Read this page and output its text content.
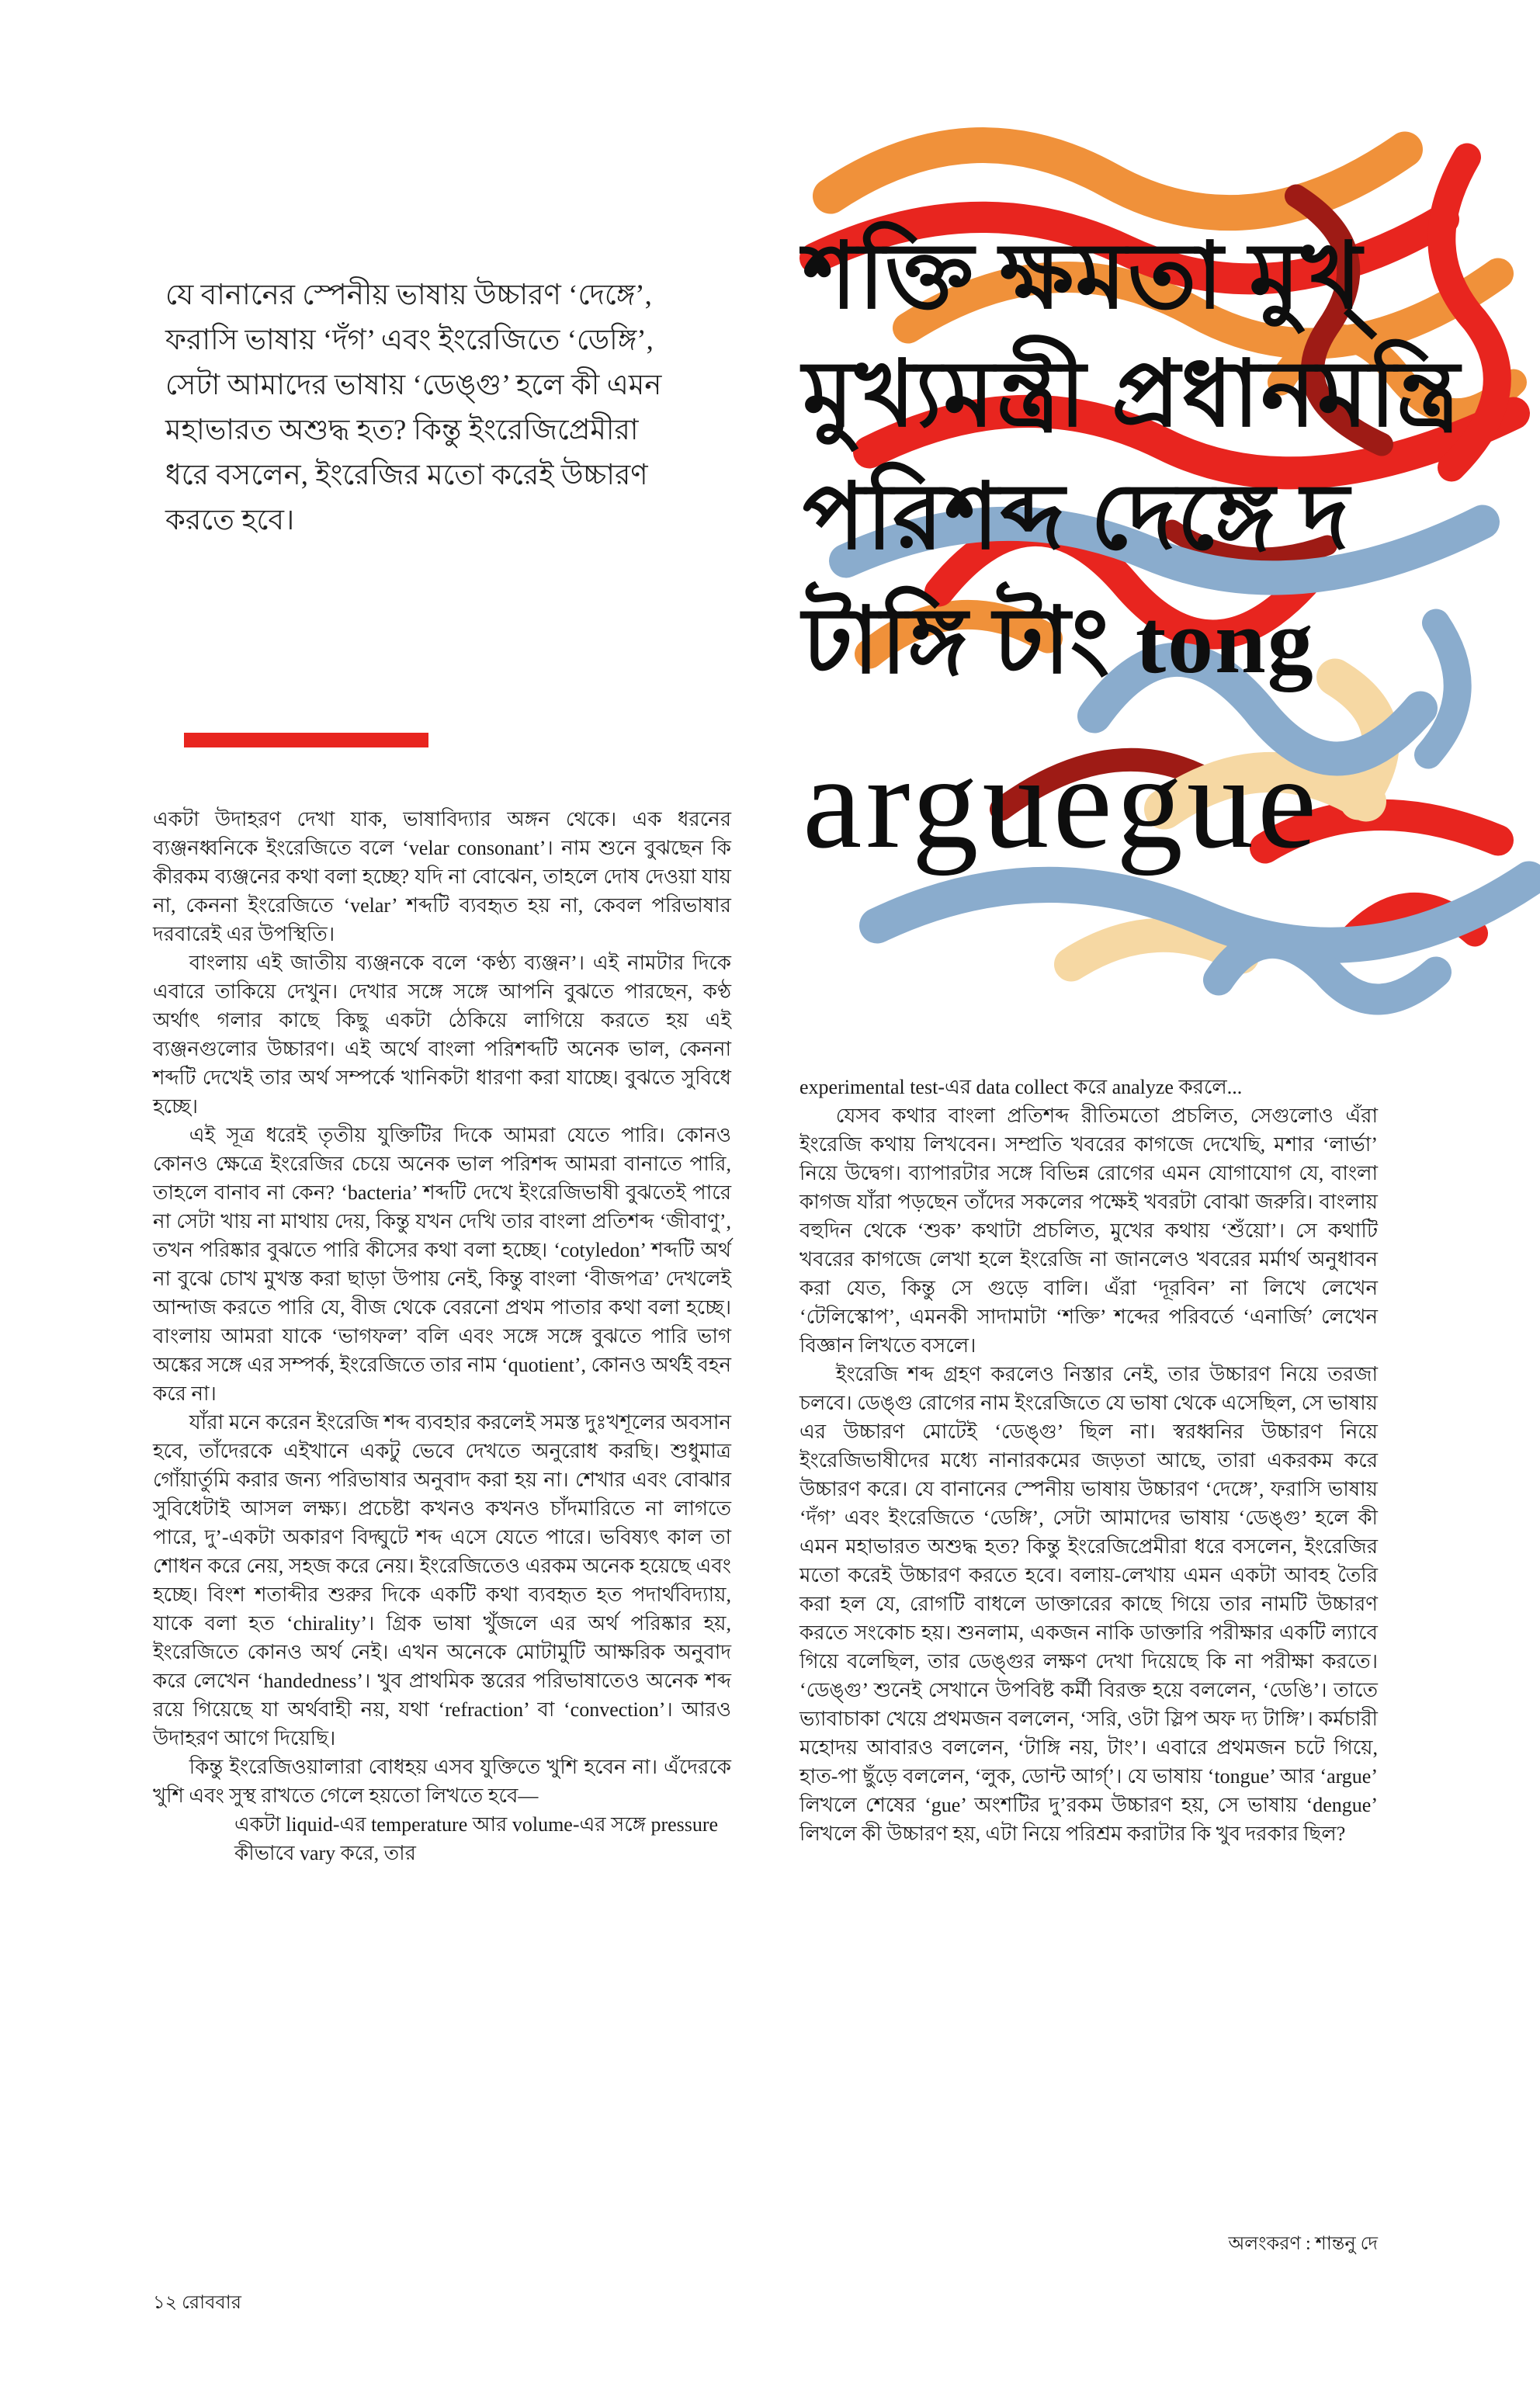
যে বানানের স্পেনীয় ভাষায় উচ্চারণ ‘দেঙ্গে’, ফরাসি ভাষায় ‘দঁগ’ এবং ইংরেজিতে ‘ডেঙ্গি’, সেটা আমাদের ভাষায় ‘ডেঙ্গু’ হলে কী এমন মহাভারত অশুদ্ধ হত? কিন্তু ইংরেজিপ্রেমীরা ধরে বসলেন, ইংরেজির মতো করেই উচ্চারণ করতে হবে।
শক্তি ক্ষমতা মুখ্
মুখ্যমন্ত্রী প্রধানমন্ত্রি
পরিশব্দ দেঙ্গে দ
টাঙ্গি টাং tong
arguegue

একটা উদাহরণ দেখা যাক, ভাষাবিদ্যার অঙ্গন থেকে। এক ধরনের ব্যঞ্জনধ্বনিকে ইংরেজিতে বলে ‘velar consonant’। নাম শুনে বুঝছেন কি কীরকম ব্যঞ্জনের কথা বলা হচ্ছে? যদি না বোঝেন, তাহলে দোষ দেওয়া যায় না, কেননা ইংরেজিতে ‘velar’ শব্দটি ব্যবহৃত হয় না, কেবল পরিভাষার দরবারেই এর উপস্থিতি।

বাংলায় এই জাতীয় ব্যঞ্জনকে বলে ‘কণ্ঠ্য ব্যঞ্জন’। এই নামটার দিকে এবারে তাকিয়ে দেখুন। দেখার সঙ্গে সঙ্গে আপনি বুঝতে পারছেন, কণ্ঠ অর্থাৎ গলার কাছে কিছু একটা ঠেকিয়ে লাগিয়ে করতে হয় এই ব্যঞ্জনগুলোর উচ্চারণ। এই অর্থে বাংলা পরিশব্দটি অনেক ভাল, কেননা শব্দটি দেখেই তার অর্থ সম্পর্কে খানিকটা ধারণা করা যাচ্ছে। বুঝতে সুবিধে হচ্ছে।

এই সূত্র ধরেই তৃতীয় যুক্তিটির দিকে আমরা যেতে পারি। কোনও কোনও ক্ষেত্রে ইংরেজির চেয়ে অনেক ভাল পরিশব্দ আমরা বানাতে পারি, তাহলে বানাব না কেন? ‘bacteria’ শব্দটি দেখে ইংরেজিভাষী বুঝতেই পারে না সেটা খায় না মাথায় দেয়, কিন্তু যখন দেখি তার বাংলা প্রতিশব্দ ‘জীবাণু’, তখন পরিষ্কার বুঝতে পারি কীসের কথা বলা হচ্ছে। ‘cotyledon’ শব্দটি অর্থ না বুঝে চোখ মুখস্ত করা ছাড়া উপায় নেই, কিন্তু বাংলা ‘বীজপত্র’ দেখলেই আন্দাজ করতে পারি যে, বীজ থেকে বেরনো প্রথম পাতার কথা বলা হচ্ছে। বাংলায় আমরা যাকে ‘ভাগফল’ বলি এবং সঙ্গে সঙ্গে বুঝতে পারি ভাগ অঙ্কের সঙ্গে এর সম্পর্ক, ইংরেজিতে তার নাম ‘quotient’, কোনও অর্থই বহন করে না।

যাঁরা মনে করেন ইংরেজি শব্দ ব্যবহার করলেই সমস্ত দুঃখশূলের অবসান হবে, তাঁদেরকে এইখানে একটু ভেবে দেখতে অনুরোধ করছি। শুধুমাত্র গোঁয়ার্তুমি করার জন্য পরিভাষার অনুবাদ করা হয় না। শেখার এবং বোঝার সুবিধেটাই আসল লক্ষ্য। প্রচেষ্টা কখনও কখনও চাঁদমারিতে না লাগতে পারে, দু’-একটা অকারণ বিদ্ঘুটে শব্দ এসে যেতে পারে। ভবিষ্যৎ কাল তা শোধন করে নেয়, সহজ করে নেয়। ইংরেজিতেও এরকম অনেক হয়েছে এবং হচ্ছে। বিংশ শতাব্দীর শুরুর দিকে একটি কথা ব্যবহৃত হত পদার্থবিদ্যায়, যাকে বলা হত ‘chirality’। গ্রিক ভাষা খুঁজলে এর অর্থ পরিষ্কার হয়, ইংরেজিতে কোনও অর্থ নেই। এখন অনেকে মোটামুটি আক্ষরিক অনুবাদ করে লেখেন ‘handedness’। খুব প্রাথমিক স্তরের পরিভাষাতেও অনেক শব্দ রয়ে গিয়েছে যা অর্থবাহী নয়, যথা ‘refraction’ বা ‘convection’। আরও উদাহরণ আগে দিয়েছি।

কিন্তু ইংরেজিওয়ালারা বোধহয় এসব যুক্তিতে খুশি হবেন না। এঁদেরকে খুশি এবং সুস্থ রাখতে গেলে হয়তো লিখতে হবে—

একটা liquid-এর temperature আর volume-এর সঙ্গে pressure কীভাবে vary করে, তার

experimental test-এর data collect করে analyze করলে...

যেসব কথার বাংলা প্রতিশব্দ রীতিমতো প্রচলিত, সেগুলোও এঁরা ইংরেজি কথায় লিখবেন। সম্প্রতি খবরের কাগজে দেখেছি, মশার ‘লার্ভা’ নিয়ে উদ্বেগ। ব্যাপারটার সঙ্গে বিভিন্ন রোগের এমন যোগাযোগ যে, বাংলা কাগজ যাঁরা পড়ছেন তাঁদের সকলের পক্ষেই খবরটা বোঝা জরুরি। বাংলায় বহুদিন থেকে ‘শুক’ কথাটা প্রচলিত, মুখের কথায় ‘শুঁয়ো’। সে কথাটি খবরের কাগজে লেখা হলে ইংরেজি না জানলেও খবরের মর্মার্থ অনুধাবন করা যেত, কিন্তু সে গুড়ে বালি। এঁরা ‘দূরবিন’ না লিখে লেখেন ‘টেলিস্কোপ’, এমনকী সাদামাটা ‘শক্তি’ শব্দের পরিবর্তে ‘এনার্জি’ লেখেন বিজ্ঞান লিখতে বসলে।

ইংরেজি শব্দ গ্রহণ করলেও নিস্তার নেই, তার উচ্চারণ নিয়ে তরজা চলবে। ডেঙ্গু রোগের নাম ইংরেজিতে যে ভাষা থেকে এসেছিল, সে ভাষায় এর উচ্চারণ মোটেই ‘ডেঙ্গু’ ছিল না। স্বরধ্বনির উচ্চারণ নিয়ে ইংরেজিভাষীদের মধ্যে নানারকমের জড়তা আছে, তারা একরকম করে উচ্চারণ করে। যে বানানের স্পেনীয় ভাষায় উচ্চারণ ‘দেঙ্গে’, ফরাসি ভাষায় ‘দঁগ’ এবং ইংরেজিতে ‘ডেঙ্গি’, সেটা আমাদের ভাষায় ‘ডেঙ্গু’ হলে কী এমন মহাভারত অশুদ্ধ হত? কিন্তু ইংরেজিপ্রেমীরা ধরে বসলেন, ইংরেজির মতো করেই উচ্চারণ করতে হবে। বলায়-লেখায় এমন একটা আবহ তৈরি করা হল যে, রোগটি বাধলে ডাক্তারের কাছে গিয়ে তার নামটি উচ্চারণ করতে সংকোচ হয়। শুনলাম, একজন নাকি ডাক্তারি পরীক্ষার একটি ল্যাবে গিয়ে বলেছিল, তার ডেঙ্গুর লক্ষণ দেখা দিয়েছে কি না পরীক্ষা করতে। ‘ডেঙ্গু’ শুনেই সেখানে উপবিষ্ট কর্মী বিরক্ত হয়ে বললেন, ‘ডেঙি’। তাতে ভ্যাবাচাকা খেয়ে প্রথমজন বললেন, ‘সরি, ওটা স্লিপ অফ দ্য টাঙ্গি’। কর্মচারী মহোদয় আবারও বললেন, ‘টাঙ্গি নয়, টাং’। এবারে প্রথমজন চটে গিয়ে, হাত-পা ছুঁড়ে বললেন, ‘লুক, ডোন্ট আর্গ্‌’। যে ভাষায় ‘tongue’ আর ‘argue’ লিখলে শেষের ‘gue’ অংশটির দু’রকম উচ্চারণ হয়, সে ভাষায় ‘dengue’ লিখলে কী উচ্চারণ হয়, এটা নিয়ে পরিশ্রম করাটার কি খুব দরকার ছিল?

অলংকরণ : শান্তনু দে
১২ রোববার
